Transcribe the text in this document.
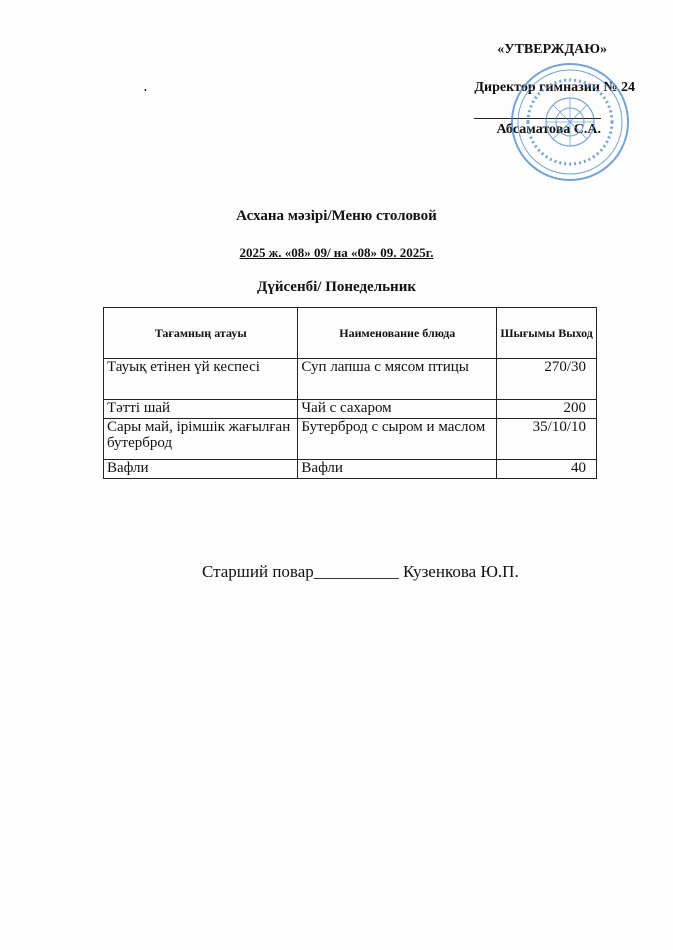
•
«УТВЕРЖДАЮ»
Директор гимназии № 24
Абсаматова С.А.
Асхана мәзірі/Меню столовой
2025 ж. «08» 09/ на «08» 09. 2025г.
Дүйсенбі/ Понедельник
Тағамның атауы	Наименование блюда	Шығымы Выход
Тауық етінен үй кеспесі	Суп лапша с мясом птицы	270/30
Тәтті шай	Чай с сахаром	200
Сары май, ірімшік жағылған бутерброд	Бутерброд с сыром и маслом	35/10/10
Вафли	Вафли	40
Старший повар__________ Кузенкова Ю.П.
